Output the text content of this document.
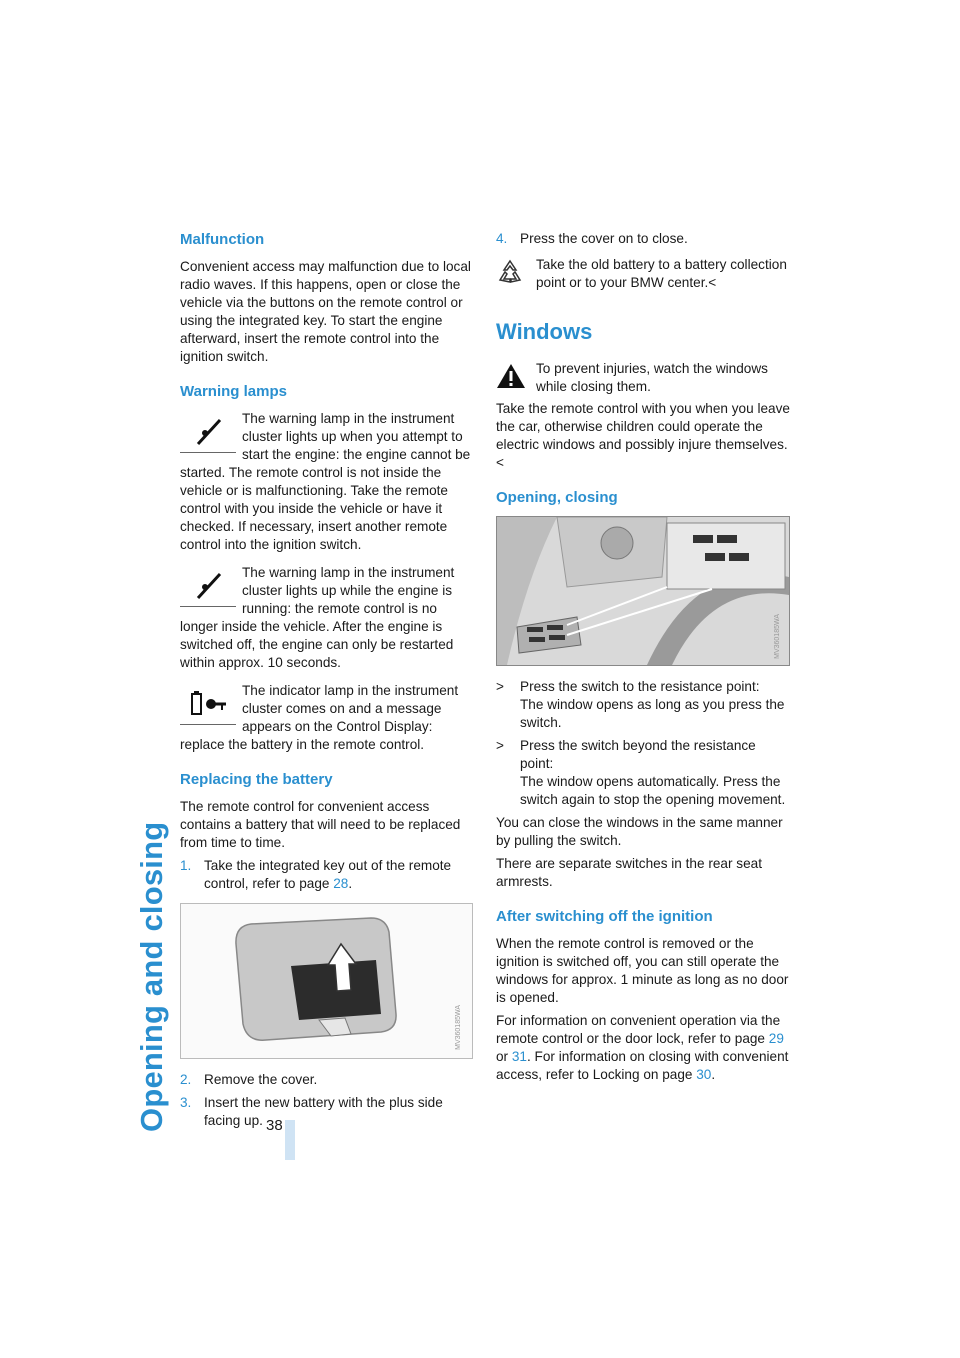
Opening and closing	38
Malfunction

Convenient access may malfunction due to local radio waves. If this happens, open or close the vehicle via the buttons on the remote control or using the integrated key. To start the engine afterward, insert the remote control into the ignition switch.

Warning lamps

The warning lamp in the instrument cluster lights up when you attempt to start the engine: the engine cannot be started. The remote control is not inside the vehicle or is malfunctioning. Take the remote control with you inside the vehicle or have it checked. If necessary, insert another remote control into the ignition switch.

The warning lamp in the instrument cluster lights up while the engine is running: the remote control is no longer inside the vehicle. After the engine is switched off, the engine can only be restarted within approx. 10 seconds.

The indicator lamp in the instrument cluster comes on and a message appears on the Control Display: replace the battery in the remote control.

Replacing the battery

The remote control for convenient access contains a battery that will need to be replaced from time to time.

1. Take the integrated key out of the remote control, refer to page 28.
MV360185WA
2. Remove the cover.
3. Insert the new battery with the plus side facing up.
4. Press the cover on to close.

Take the old battery to a battery collection point or to your BMW center.<

Windows

To prevent injuries, watch the windows while closing them.

Take the remote control with you when you leave the car, otherwise children could operate the electric windows and possibly injure themselves.<

Opening, closing
MV360185WA
>	Press the switch to the resistance point:
The window opens as long as you press the switch.
>	Press the switch beyond the resistance point:
The window opens automatically. Press the switch again to stop the opening movement.

You can close the windows in the same manner by pulling the switch.

There are separate switches in the rear seat armrests.

After switching off the ignition

When the remote control is removed or the ignition is switched off, you can still operate the windows for approx. 1 minute as long as no door is opened.

For information on convenient operation via the remote control or the door lock, refer to page 29 or 31. For information on closing with convenient access, refer to Locking on page 30.
